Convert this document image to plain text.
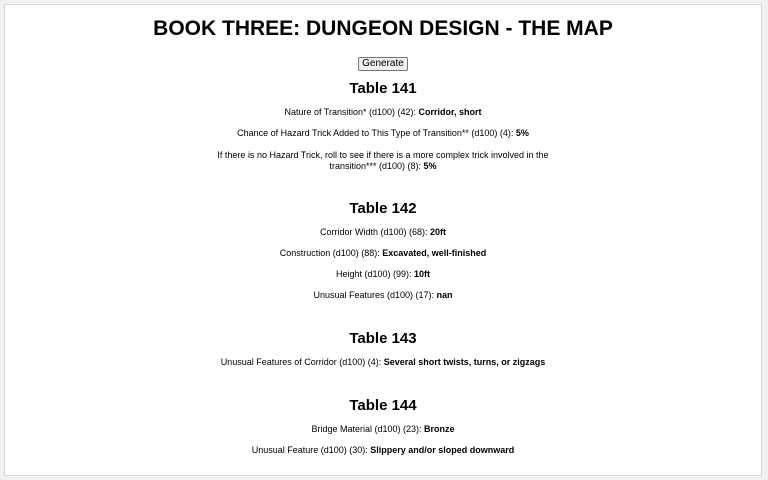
BOOK THREE: DUNGEON DESIGN - THE MAP
Generate
Table 141

Nature of Transition* (d100) (42): Corridor, short

Chance of Hazard Trick Added to This Type of Transition** (d100) (4): 5%

If there is no Hazard Trick, roll to see if there is a more complex trick involved in the transition*** (d100) (8): 5%

Table 142

Corridor Width (d100) (68): 20ft

Construction (d100) (88): Excavated, well-finished

Height (d100) (99): 10ft

Unusual Features (d100) (17): nan

Table 143

Unusual Features of Corridor (d100) (4): Several short twists, turns, or zigzags

Table 144

Bridge Material (d100) (23): Bronze

Unusual Feature (d100) (30): Slippery and/or sloped downward
